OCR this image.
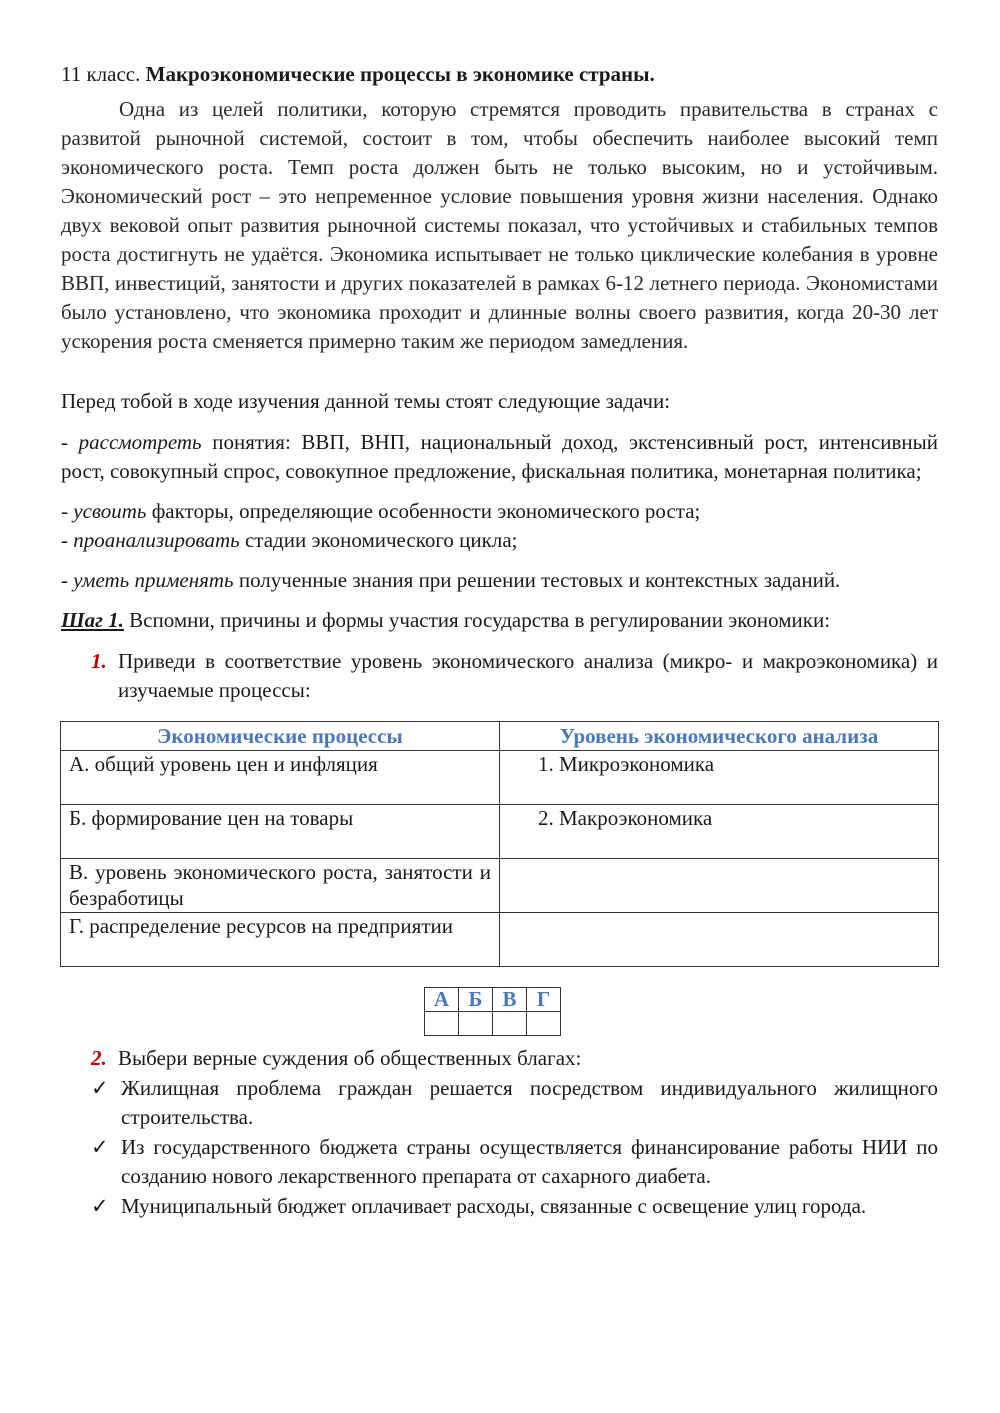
11 класс. Макроэкономические процессы в экономике страны.

Одна из целей политики, которую стремятся проводить правительства в странах с развитой рыночной системой, состоит в том, чтобы обеспечить наиболее высокий темп экономического роста. Темп роста должен быть не только высоким, но и устойчивым. Экономический рост – это непременное условие повышения уровня жизни населения. Однако двух вековой опыт развития рыночной системы показал, что устойчивых и стабильных темпов роста достигнуть не удаётся. Экономика испытывает не только циклические колебания в уровне ВВП, инвестиций, занятости и других показателей в рамках 6-12 летнего периода. Экономистами было установлено, что экономика проходит и длинные волны своего развития, когда 20-30 лет ускорения роста сменяется примерно таким же периодом замедления.

Перед тобой в ходе изучения данной темы стоят следующие задачи:

- рассмотреть понятия: ВВП, ВНП, национальный доход, экстенсивный рост, интенсивный рост, совокупный спрос, совокупное предложение, фискальная политика, монетарная политика;

- усвоить факторы, определяющие особенности экономического роста;

- проанализировать стадии экономического цикла;

- уметь применять полученные знания при решении тестовых и контекстных заданий.

Шаг 1. Вспомни, причины и формы участия государства в регулировании экономики:

1. Приведи в соответствие уровень экономического анализа (микро- и макроэкономика) и изучаемые процессы:
Экономические процессы	Уровень экономического анализа
А. общий уровень цен и инфляция	1. Микроэкономика
Б. формирование цен на товары	2. Макроэкономика
В. уровень экономического роста, занятости и безработицы	
Г. распределение ресурсов на предприятии	
А	Б	В	Г

2. Выбери верные суждения об общественных благах:
✓ Жилищная проблема граждан решается посредством индивидуального жилищного строительства.
✓ Из государственного бюджета страны осуществляется финансирование работы НИИ по созданию нового лекарственного препарата от сахарного диабета.
✓ Муниципальный бюджет оплачивает расходы, связанные с освещение улиц города.
